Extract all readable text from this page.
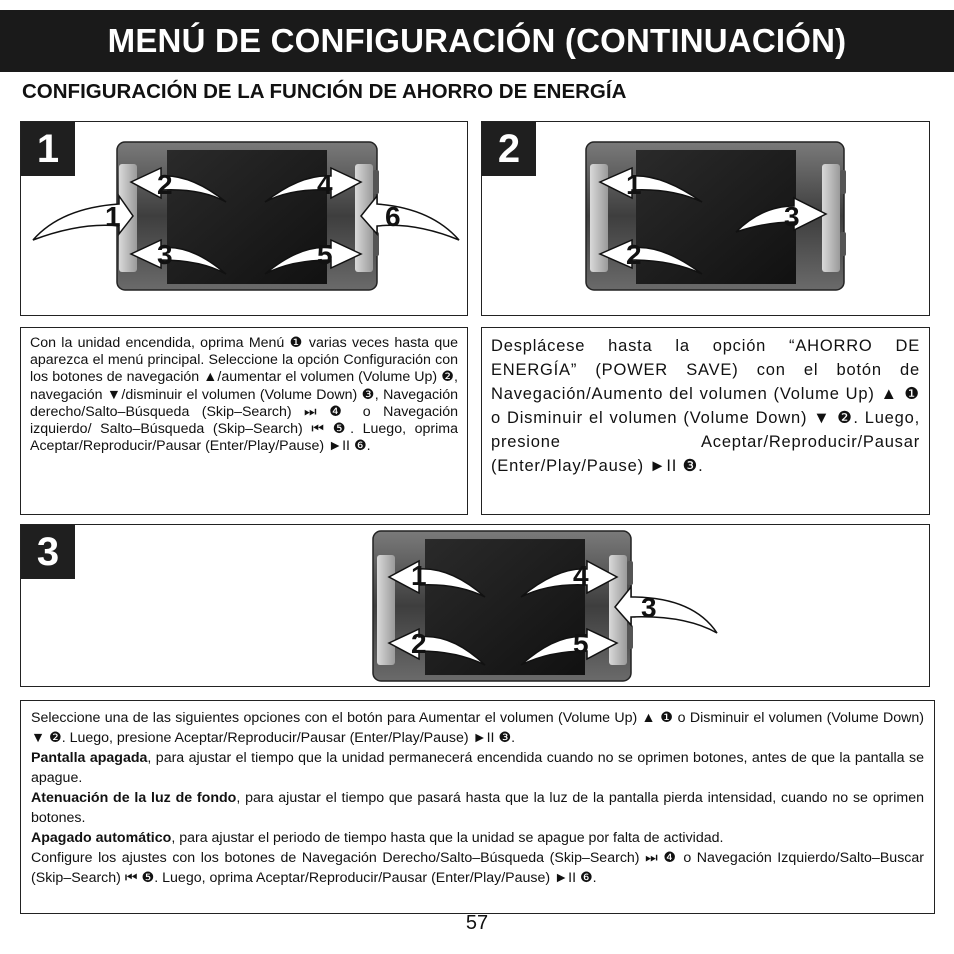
MENÚ DE CONFIGURACIÓN (CONTINUACIÓN)
CONFIGURACIÓN DE LA FUNCIÓN DE AHORRO DE ENERGÍA
1
1
2
3
4
5
6
2
1
2
3

Con la unidad encendida, oprima Menú ❶ varias veces hasta que aparezca el menú principal. Seleccione la opción Configuración con los botones de navegación ▲/aumentar el volumen (Volume Up) ❷, navegación ▼/disminuir el volumen (Volume Down) ❸, Navegación derecho/Salto–Búsqueda (Skip–Search) ⏭ ❹ o Navegación izquierdo/ Salto–Búsqueda (Skip–Search) ⏮ ❺. Luego, oprima Aceptar/Reproducir/Pausar (Enter/Play/Pause) ►II ❻.

Desplácese hasta la opción “AHORRO DE ENERGÍA” (POWER SAVE) con el botón de Navegación/Aumento del volumen (Volume Up) ▲ ❶ o Disminuir el volumen (Volume Down) ▼ ❷. Luego, presione Aceptar/Reproducir/Pausar (Enter/Play/Pause) ►II ❸.

3
1
2
3
4
5

Seleccione una de las siguientes opciones con el botón para Aumentar el volumen (Volume Up) ▲ ❶ o Disminuir el volumen (Volume Down) ▼ ❷. Luego, presione Aceptar/Reproducir/Pausar (Enter/Play/Pause) ►II ❸.

Pantalla apagada, para ajustar el tiempo que la unidad permanecerá encendida cuando no se oprimen botones, antes de que la pantalla se apague.

Atenuación de la luz de fondo, para ajustar el tiempo que pasará hasta que la luz de la pantalla pierda intensidad, cuando no se oprimen botones.

Apagado automático, para ajustar el periodo de tiempo hasta que la unidad se apague por falta de actividad.

Configure los ajustes con los botones de Navegación Derecho/Salto–Búsqueda (Skip–Search) ⏭ ❹ o Navegación Izquierdo/Salto–Buscar (Skip–Search) ⏮ ❺. Luego, oprima Aceptar/Reproducir/Pausar (Enter/Play/Pause) ►II ❻.

57
